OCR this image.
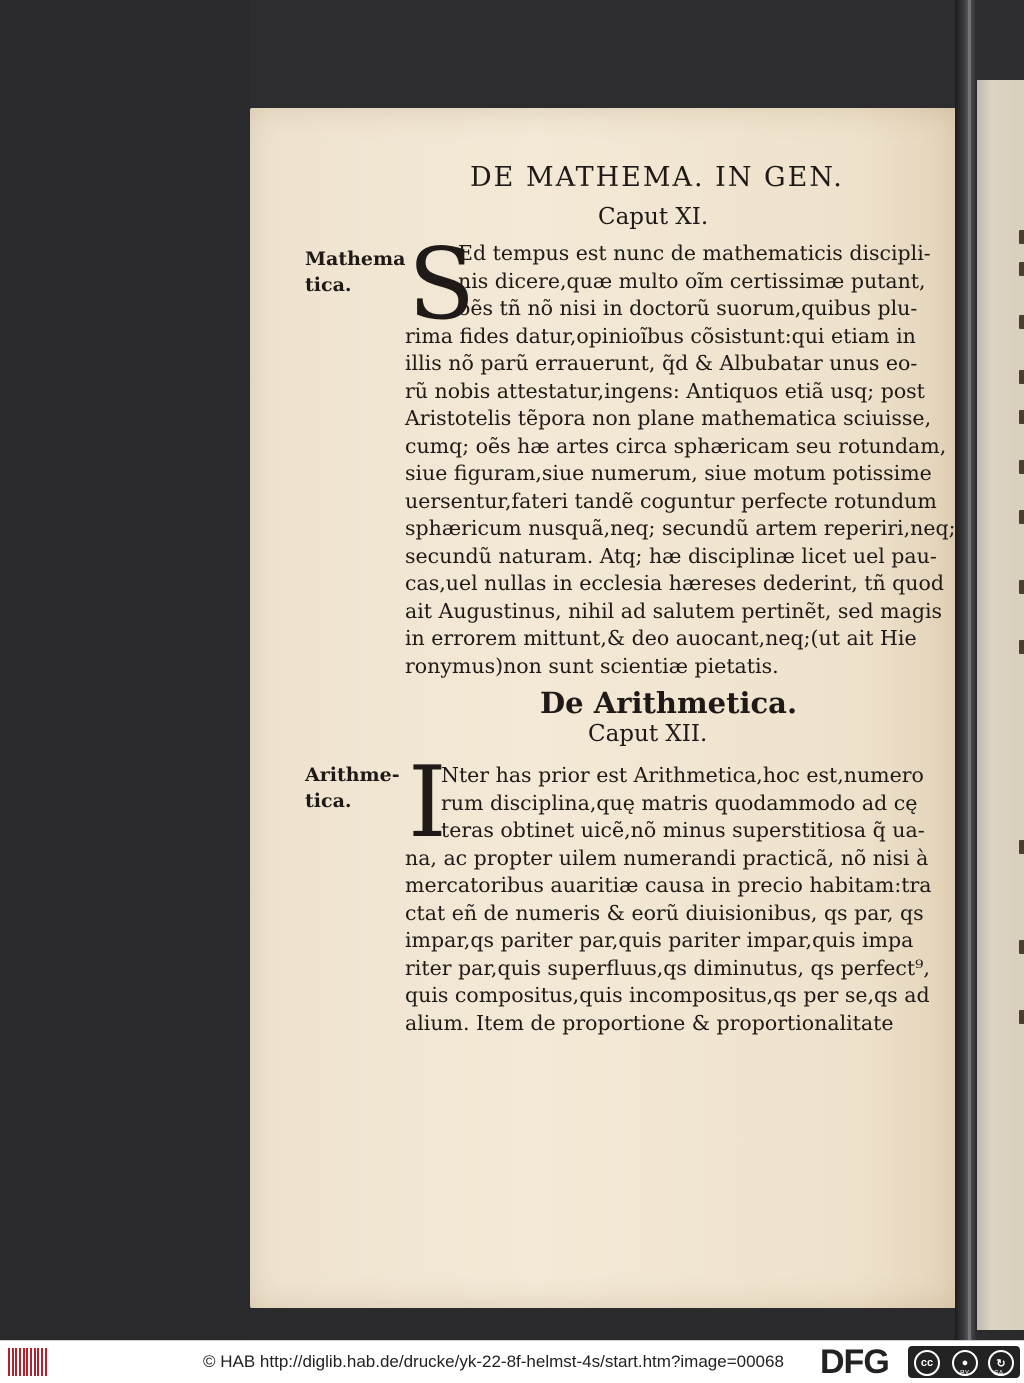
DE MATHEMA. IN GEN.
Caput XI.
Mathema
tica. S
Ed tempus est nunc de mathematicis discipli-
nis dicere,quæ multo oĩm certissimæ putant,
oẽs tñ nõ nisi in doctorũ suorum,quibus plu-
rima fides datur,opinioĩbus cõsistunt:qui etiam in
illis nõ parũ errauerunt, q̃d & Albubatar unus eo-
rũ nobis attestatur,ingens: Antiquos etiã usq; post
Aristotelis tẽpora non plane mathematica sciuisse,
cumq; oẽs hæ artes circa sphæricam seu rotundam,
siue figuram,siue numerum, siue motum potissime
uersentur,fateri tandẽ coguntur perfecte rotundum
sphæricum nusquã,neq; secundũ artem reperiri,neq;
secundũ naturam. Atq; hæ disciplinæ licet uel pau-
cas,uel nullas in ecclesia hæreses dederint, tñ quod
ait Augustinus, nihil ad salutem pertinẽt, sed magis
in errorem mittunt,& deo auocant,neq;(ut ait Hie
ronymus)non sunt scientiæ pietatis.
De Arithmetica.
Caput XII.
Arithme-
tica. I
Nter has prior est Arithmetica,hoc est,numero
rum disciplina,quę matris quodammodo ad cę
teras obtinet uicẽ,nõ minus superstitiosa q̃ ua-
na, ac propter uilem numerandi practicã, nõ nisi à
mercatoribus auaritiæ causa in precio habitam:tra
ctat eñ de numeris & eorũ diuisionibus, qs par, qs
impar,qs pariter par,quis pariter impar,quis impa
riter par,quis superfluus,qs diminutus, qs perfect⁹,
quis compositus,quis incompositus,qs per se,qs ad
alium. Item de proportione & proportionalitate
© HAB http://diglib.hab.de/drucke/yk-22-8f-helmst-4s/start.htm?image=00068 DFG	cc	●	↻
BY	SA
